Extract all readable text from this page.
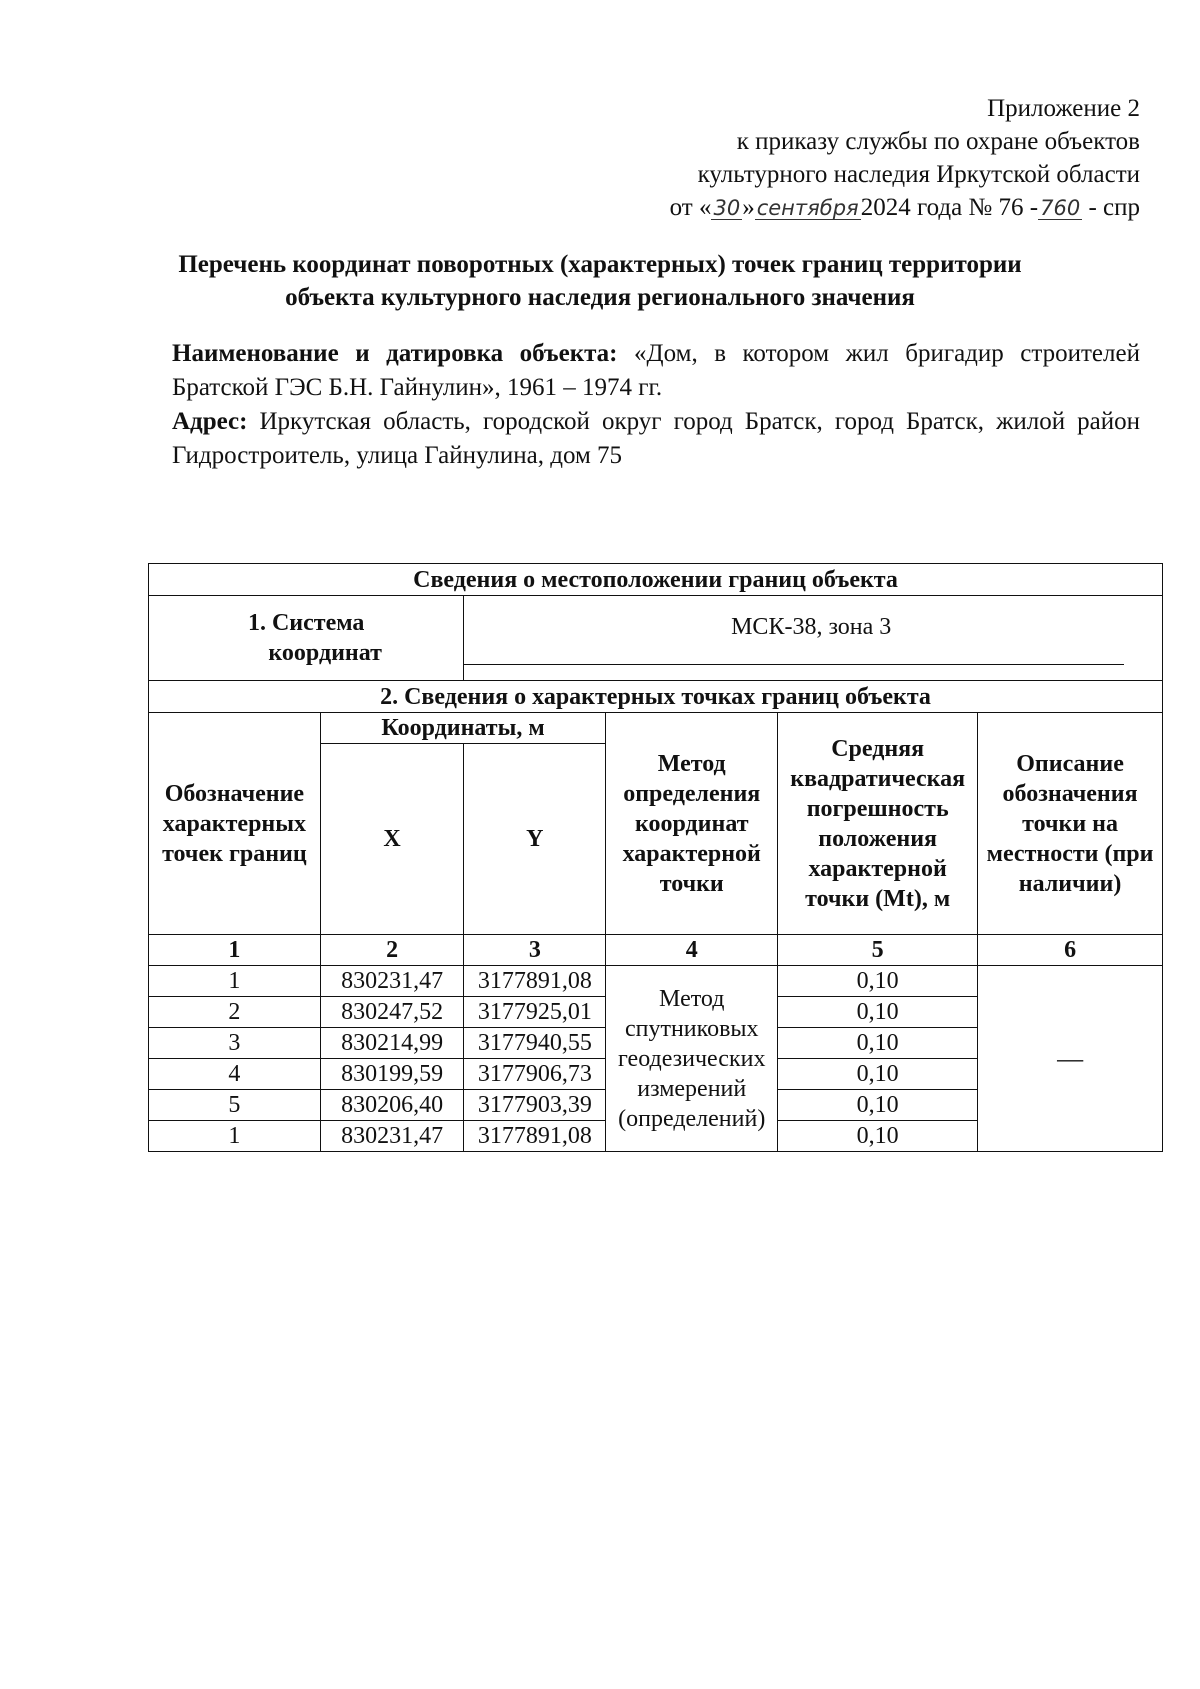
Приложение 2
к приказу службы по охране объектов
культурного наследия Иркутской области
от «30»сентября2024 года № 76 -760 - спр
Перечень координат поворотных (характерных) точек границ территории
объекта культурного наследия регионального значения

Наименование и датировка объекта: «Дом, в котором жил бригадир строителей Братской ГЭС Б.Н. Гайнулин», 1961 – 1974 гг.

Адрес: Иркутская область, городской округ город Братск, город Братск, жилой район Гидростроитель, улица Гайнулина, дом 75

Сведения о местоположении границ объекта					

1. Система
координат		МСК-38, зона 3			

2. Сведения о характерных точках границ объекта					
Обозначение характерных точек границ	Координаты, м		Метод определения координат характерной точки	Средняя квадратическая погрешность положения характерной точки (Mt), м	Описание обозначения точки на местности (при наличии)
	X	Y			
1	2	3	4	5	6
1	830231,47	3177891,08	Метод спутниковых геодезических измерений (определений)	0,10	—
2	830247,52	3177925,01		0,10	
3	830214,99	3177940,55		0,10	
4	830199,59	3177906,73		0,10	
5	830206,40	3177903,39		0,10	
1	830231,47	3177891,08		0,10	
